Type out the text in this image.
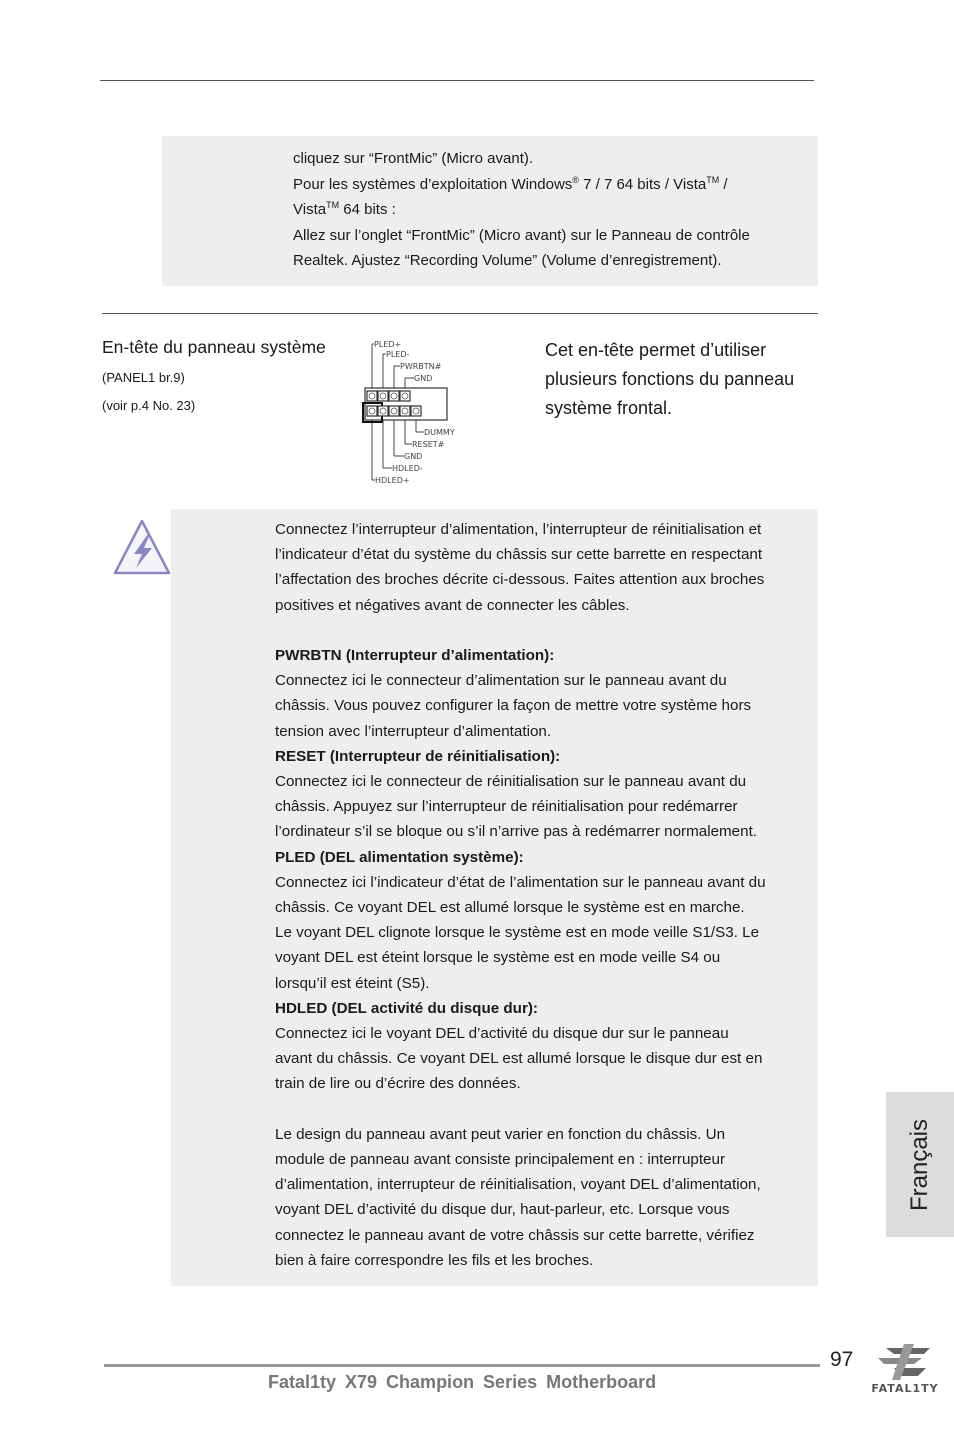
cliquez sur “FrontMic” (Micro avant).
Pour les systèmes d’exploitation Windows® 7 / 7 64 bits / Vista™ /
Vista™ 64 bits :
Allez sur l’onglet “FrontMic” (Micro avant) sur le Panneau de contrôle
Realtek. Ajustez “Recording Volume” (Volume d’enregistrement).
En-tête du panneau système
(PANEL1 br.9)
(voir p.4 No. 23)
PLED+
PLED-
PWRBTN#
GND
DUMMY
RESET#
GND
HDLED-
HDLED+
Cet en-tête permet d’utiliser
plusieurs fonctions du panneau
système frontal.
Connectez l’interrupteur d’alimentation, l’interrupteur de réinitialisation et
l’indicateur d’état du système du châssis sur cette barrette en respectant
l’affectation des broches décrite ci-dessous. Faites attention aux broches
positives et négatives avant de connecter les câbles.
PWRBTN (Interrupteur d’alimentation):
Connectez ici le connecteur d’alimentation sur le panneau avant du
châssis. Vous pouvez configurer la façon de mettre votre système hors
tension avec l’interrupteur d’alimentation.
RESET (Interrupteur de réinitialisation):
Connectez ici le connecteur de réinitialisation sur le panneau avant du
châssis. Appuyez sur l’interrupteur de réinitialisation pour redémarrer
l’ordinateur s’il se bloque ou s’il n’arrive pas à redémarrer normalement.
PLED (DEL alimentation système):
Connectez ici l’indicateur d’état de l’alimentation sur le panneau avant du
châssis. Ce voyant DEL est allumé lorsque le système est en marche.
Le voyant DEL clignote lorsque le système est en mode veille S1/S3. Le
voyant DEL est éteint lorsque le système est en mode veille S4 ou
lorsqu’il est éteint (S5).
HDLED (DEL activité du disque dur):
Connectez ici le voyant DEL d’activité du disque dur sur le panneau
avant du châssis. Ce voyant DEL est allumé lorsque le disque dur est en
train de lire ou d’écrire des données.
Le design du panneau avant peut varier en fonction du châssis. Un
module de panneau avant consiste principalement en : interrupteur
d’alimentation, interrupteur de réinitialisation, voyant DEL d’alimentation,
voyant DEL d’activité du disque dur, haut-parleur, etc. Lorsque vous
connectez le panneau avant de votre châssis sur cette barrette, vérifiez
bien à faire correspondre les fils et les broches.
Français
97
Fatal1ty X79 Champion Series Motherboard	FATAL1TY
